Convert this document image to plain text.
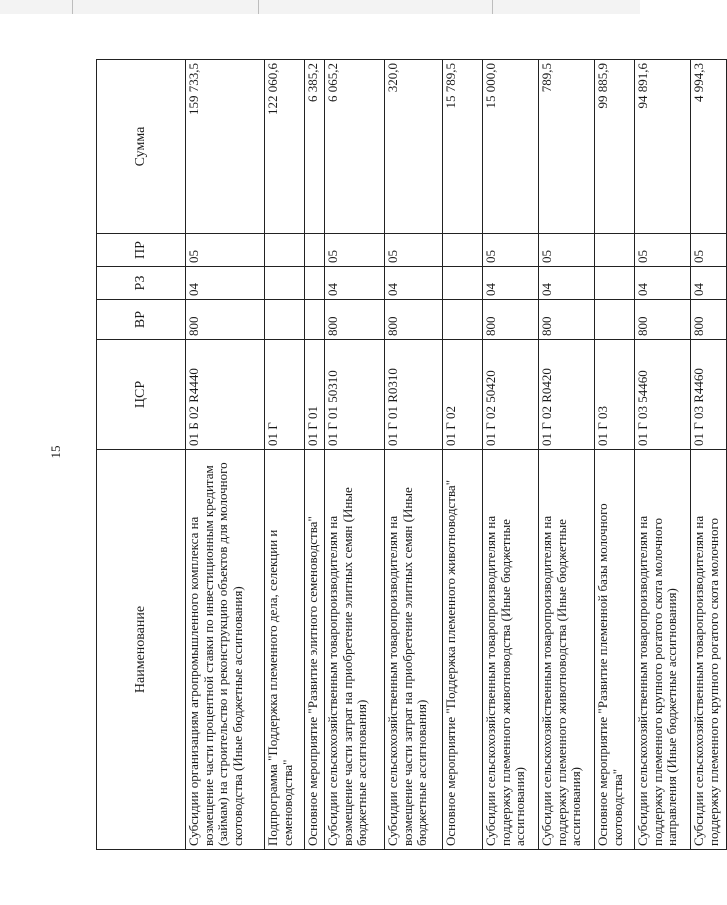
15
Наименование	ЦСР	ВР	РЗ	ПР	Сумма
Субсидии организациям агропромышленного комплекса на возмещение части процентной ставки по инвестиционным кредитам (займам) на строительство и реконструкцию объектов для молочного скотоводства (Иные бюджетные ассигнования)	01 Б 02 R4440	800	04	05	159 733,5
Подпрограмма "Поддержка племенного дела, селекции и семеноводства"	01 Г				122 060,6
Основное мероприятие "Развитие элитного семеноводства"	01 Г 01				6 385,2
Субсидии сельскохозяйственным товаропроизводителям на возмещение части затрат на приобретение элитных семян (Иные бюджетные ассигнования)	01 Г 01 50310	800	04	05	6 065,2
Субсидии сельскохозяйственным товаропроизводителям на возмещение части затрат на приобретение элитных семян (Иные бюджетные ассигнования)	01 Г 01 R0310	800	04	05	320,0
Основное мероприятие "Поддержка племенного животноводства"	01 Г 02				15 789,5
Субсидии сельскохозяйственным товаропроизводителям на поддержку племенного животноводства (Иные бюджетные ассигнования)	01 Г 02 50420	800	04	05	15 000,0
Субсидии сельскохозяйственным товаропроизводителям на поддержку племенного животноводства (Иные бюджетные ассигнования)	01 Г 02 R0420	800	04	05	789,5
Основное мероприятие "Развитие племенной базы молочного скотоводства"	01 Г 03				99 885,9
Субсидии сельскохозяйственным товаропроизводителям на поддержку племенного крупного рогатого скота молочного направления (Иные бюджетные ассигнования)	01 Г 03 54460	800	04	05	94 891,6
Субсидии сельскохозяйственным товаропроизводителям на поддержку племенного крупного рогатого скота молочного	01 Г 03 R4460	800	04	05	4 994,3
